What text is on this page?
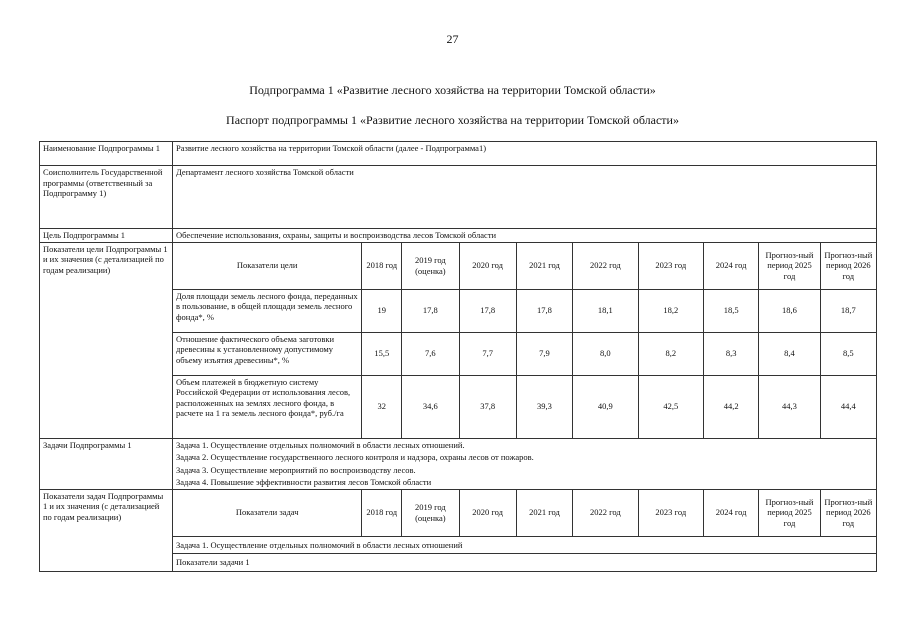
27
Подпрограмма 1 «Развитие лесного хозяйства на территории Томской области»
Паспорт подпрограммы 1 «Развитие лесного хозяйства на территории Томской области»
Наименование Подпрограммы 1	Развитие лесного хозяйства на территории Томской области (далее - Подпрограмма1)									
Соисполнитель Государственной программы (ответственный за Подпрограмму 1)	Департамент лесного хозяйства Томской области									
Цель Подпрограммы 1	Обеспечение использования, охраны, защиты и воспроизводства лесов Томской области									
Показатели цели Подпрограммы 1 и их значения (с детализацией по годам реализации)	Показатели цели	2018 год	2019 год (оценка)	2020 год	2021 год	2022 год	2023 год	2024 год	Прогноз-ный период 2025 год	Прогноз-ный период 2026 год
	Доля площади земель лесного фонда, переданных в пользование, в общей площади земель лесного фонда*, %	19	17,8	17,8	17,8	18,1	18,2	18,5	18,6	18,7
	Отношение фактического объема заготовки древесины к установленному допустимому объему изъятия древесины*, %	15,5	7,6	7,7	7,9	8,0	8,2	8,3	8,4	8,5
	Объем платежей в бюджетную систему Российской Федерации от использования лесов, расположенных на землях лесного фонда, в расчете на 1 га земель лесного фонда*, руб./га	32	34,6	37,8	39,3	40,9	42,5	44,2	44,3	44,4
Задачи Подпрограммы 1	Задача 1. Осуществление отдельных полномочий в области лесных отношений.									
	Задача 2. Осуществление государственного лесного контроля и надзора, охраны лесов от пожаров.									
	Задача 3. Осуществление мероприятий по воспроизводству лесов.									
	Задача 4. Повышение эффективности развития лесов Томской области									
Показатели задач Подпрограммы 1 и их значения (с детализацией по годам реализации)	Показатели задач	2018 год	2019 год (оценка)	2020 год	2021 год	2022 год	2023 год	2024 год	Прогноз-ный период 2025 год	Прогноз-ный период 2026 год
	Задача 1. Осуществление отдельных полномочий в области лесных отношений									
	Показатели задачи 1									
